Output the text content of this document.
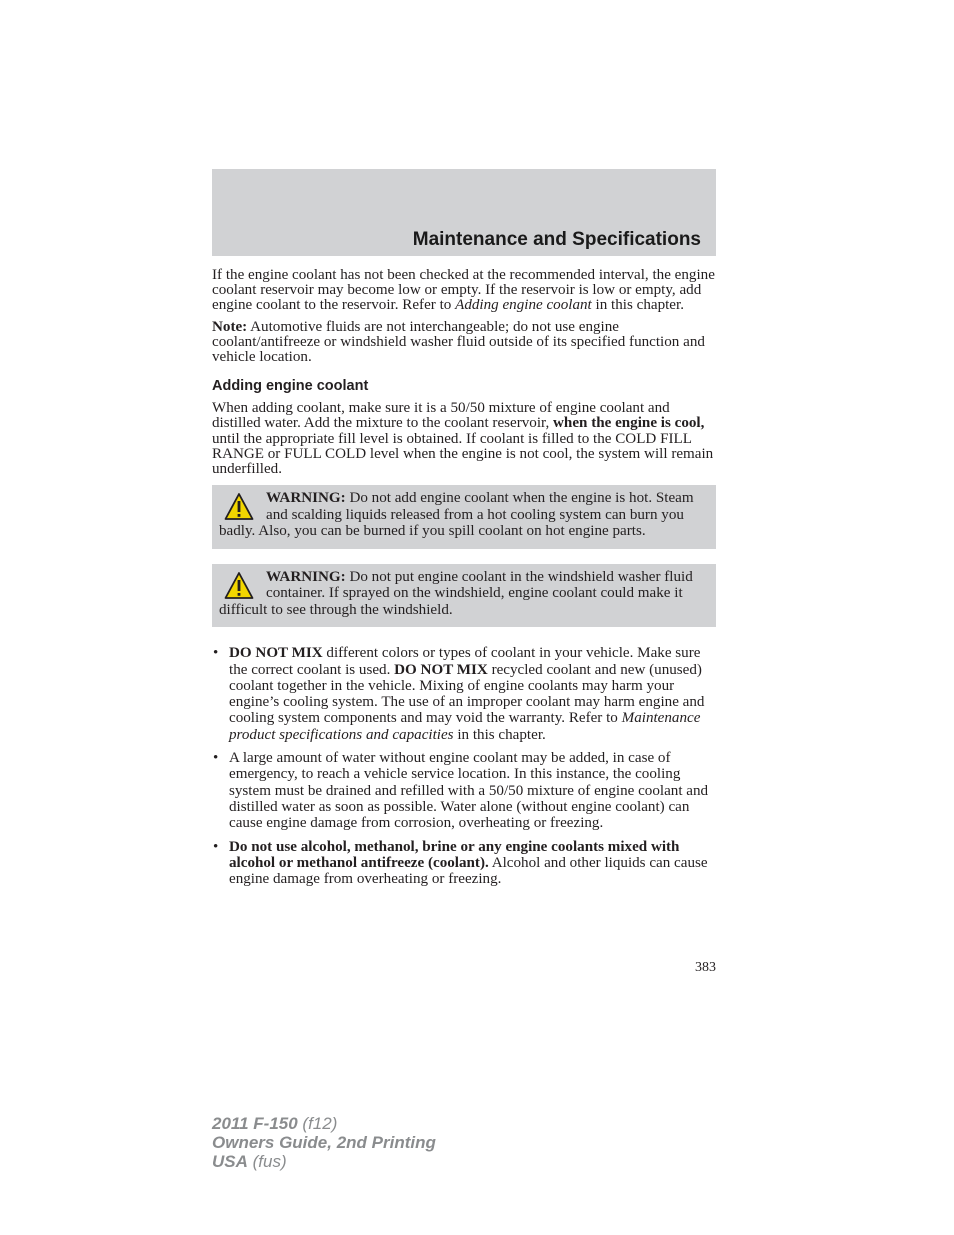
Maintenance and Specifications

If the engine coolant has not been checked at the recommended interval, the engine coolant reservoir may become low or empty. If the reservoir is low or empty, add engine coolant to the reservoir. Refer to Adding engine coolant in this chapter.

Note: Automotive fluids are not interchangeable; do not use engine coolant/antifreeze or windshield washer fluid outside of its specified function and vehicle location.

Adding engine coolant

When adding coolant, make sure it is a 50/50 mixture of engine coolant and distilled water. Add the mixture to the coolant reservoir, when the engine is cool, until the appropriate fill level is obtained. If coolant is filled to the COLD FILL RANGE or FULL COLD level when the engine is not cool, the system will remain underfilled.

WARNING: Do not add engine coolant when the engine is hot. Steam and scalding liquids released from a hot cooling system can burn you badly. Also, you can be burned if you spill coolant on hot engine parts.

WARNING: Do not put engine coolant in the windshield washer fluid container. If sprayed on the windshield, engine coolant could make it difficult to see through the windshield.

• DO NOT MIX different colors or types of coolant in your vehicle. Make sure the correct coolant is used. DO NOT MIX recycled coolant and new (unused) coolant together in the vehicle. Mixing of engine coolants may harm your engine’s cooling system. The use of an improper coolant may harm engine and cooling system components and may void the warranty. Refer to Maintenance product specifications and capacities in this chapter.
• A large amount of water without engine coolant may be added, in case of emergency, to reach a vehicle service location. In this instance, the cooling system must be drained and refilled with a 50/50 mixture of engine coolant and distilled water as soon as possible. Water alone (without engine coolant) can cause engine damage from corrosion, overheating or freezing.
• Do not use alcohol, methanol, brine or any engine coolants mixed with alcohol or methanol antifreeze (coolant). Alcohol and other liquids can cause engine damage from overheating or freezing.
383
2011 F-150 (f12)
Owners Guide, 2nd Printing
USA (fus)
